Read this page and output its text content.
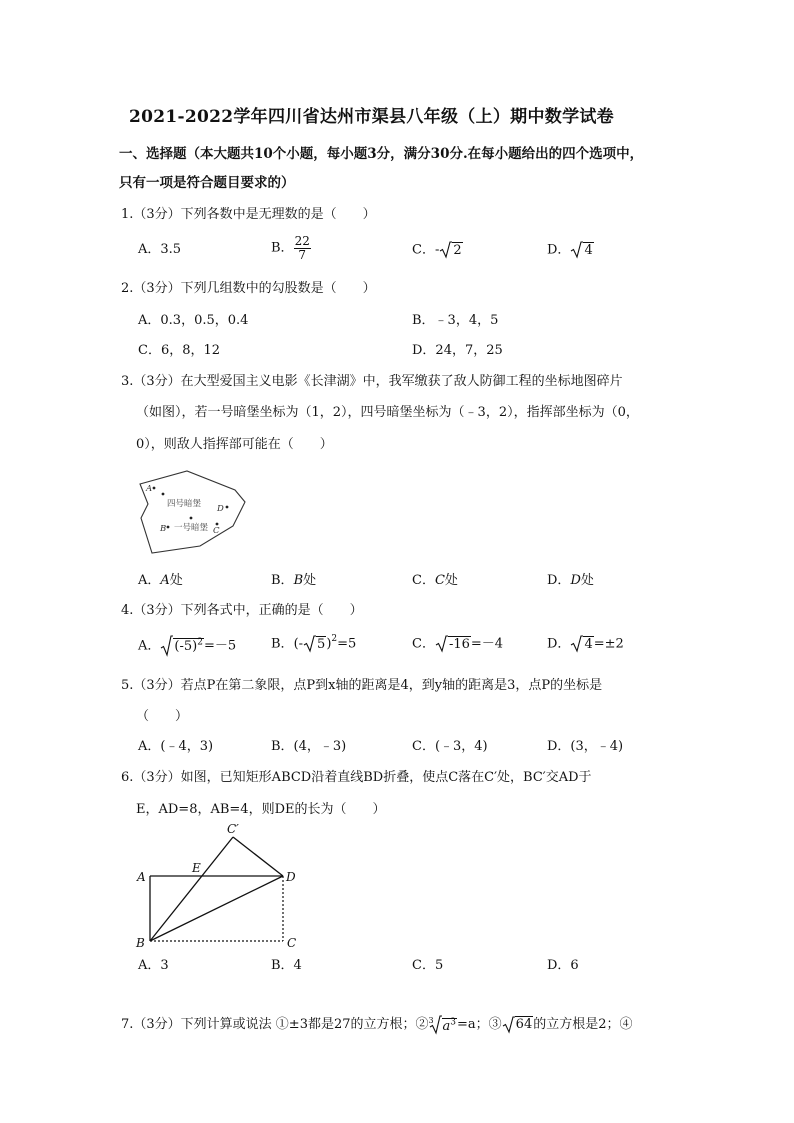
2021-2022学年四川省达州市渠县八年级（上）期中数学试卷
一、选择题（本大题共10个小题，每小题3分，满分30分.在每小题给出的四个选项中，
只有一项是符合题目要求的）
1.（3分）下列各数中是无理数的是（　　）
A．3.5	B． $\frac{22}{7}$	C．- 2	D． 4
2.（3分）下列几组数中的勾股数是（　　）
A．0.3，0.5，0.4	B．﹣3，4，5
C．6，8，12	D．24，7，25
3.（3分）在大型爱国主义电影《长津湖》中，我军缴获了敌人防御工程的坐标地图碎片
（如图），若一号暗堡坐标为（1，2），四号暗堡坐标为（﹣3，2），指挥部坐标为（0，
0），则敌人指挥部可能在（　　）
A
四号暗堡 D
B 一号暗堡 C
A．A处	B．B处	C．C处	D．D处
4.（3分）下列各式中，正确的是（　　）
A． $(-5)^2=-5$	B．(- 5)$^2$=5	C． -16=－4	D． 4=±2
5.（3分）若点P在第二象限，点P到x轴的距离是4，到y轴的距离是3，点P的坐标是
（　　）
A．(﹣4，3)	B．(4，﹣3)	C．(﹣3，4)	D．(3，﹣4)
6.（3分）如图，已知矩形ABCD沿着直线BD折叠，使点C落在C′处，BC′交AD于
E，AD=8，AB=4，则DE的长为（　　）
A
B	C
D
E
C′
A．3	B．4	C．5	D．6
7.（3分）下列计算或说法 ①±3都是27的立方根；② 3 $a^3=a$；③ 64的立方根是2；④
